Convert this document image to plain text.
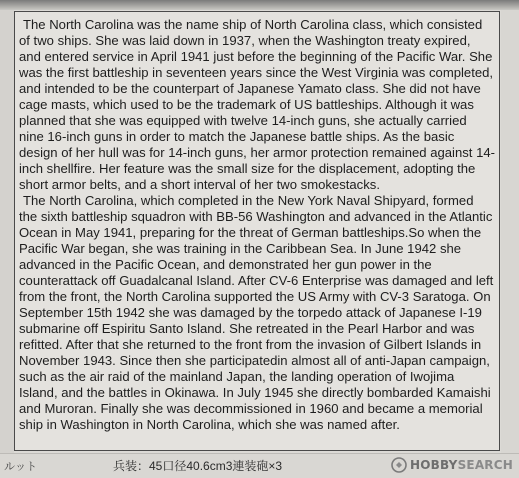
The North Carolina was the name ship of North Carolina class, which consisted of two ships. She was laid down in 1937, when the Washington treaty expired, and entered service in April 1941 just before the beginning of the Pacific War. She was the first battleship in seventeen years since the West Virginia was completed, and intended to be the counterpart of Japanese Yamato class. She did not have cage masts, which used to be the trademark of US battleships. Although it was planned that she was equipped with twelve 14-inch guns, she actually carried nine 16-inch guns in order to match the Japanese battle ships. As the basic design of her hull was for 14-inch guns, her armor protection remained against 14-inch shellfire. Her feature was the small size for the displacement, adopting the short armor belts, and a short interval of her two smokestacks.

The North Carolina, which completed in the New York Naval Shipyard, formed the sixth battleship squadron with BB-56 Washington and advanced in the Atlantic Ocean in May 1941, preparing for the threat of German battleships.So when the Pacific War began, she was training in the Caribbean Sea. In June 1942 she advanced in the Pacific Ocean, and demonstrated her gun power in the counterattack off Guadalcanal Island. After CV-6 Enterprise was damaged and left from the front, the North Carolina supported the US Army with CV-3 Saratoga. On September 15th 1942 she was damaged by the torpedo attack of Japanese I-19 submarine off Espiritu Santo Island. She retreated in the Pearl Harbor and was refitted. After that she returned to the front from the invasion of Gilbert Islands in November 1943. Since then she participatedin almost all of anti-Japan campaign, such as the air raid of the mainland Japan, the landing operation of Iwojima Island, and the battles in Okinawa. In July 1945 she directly bombarded Kamaishi and Muroran. Finally she was decommissioned in 1960 and became a memorial ship in Washington in North Carolina, which she was named after.

ルット	兵装：45口径40.6cm3連装砲×3	HOBBYSEARCH
